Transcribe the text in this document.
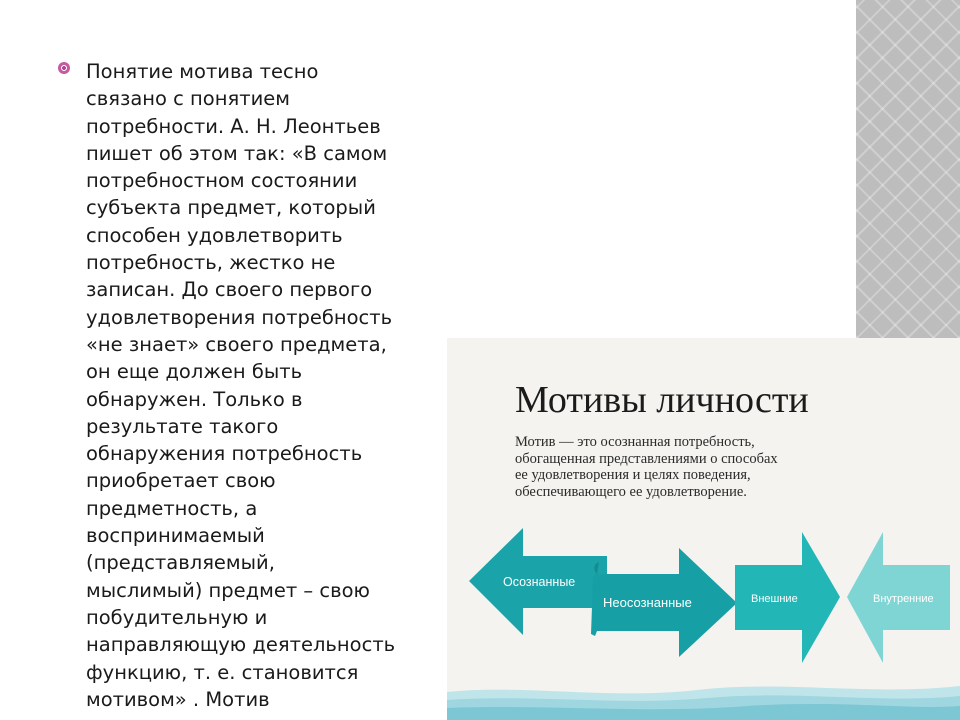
Понятие мотива тесно
связано с понятием
потребности. А. Н. Леонтьев
пишет об этом так: «В самом
потребностном состоянии
субъекта предмет, который
способен удовлетворить
потребность, жестко не
записан. До своего первого
удовлетворения потребность
«не знает» своего предмета,
он еще должен быть
обнаружен. Только в
результате такого
обнаружения потребность
приобретает свою
предметность, а
воспринимаемый
(представляемый,
мыслимый) предмет – свою
побудительную и
направляющую деятельность
функцию, т. е. становится
мотивом» . Мотив
Мотивы личности
Мотив — это осознанная потребность,
обогащенная представлениями о способах
ее удовлетворения и целях поведения,
обеспечивающего ее удовлетворение.
Осознанные
Неосознанные	Внешние	Внутренние
